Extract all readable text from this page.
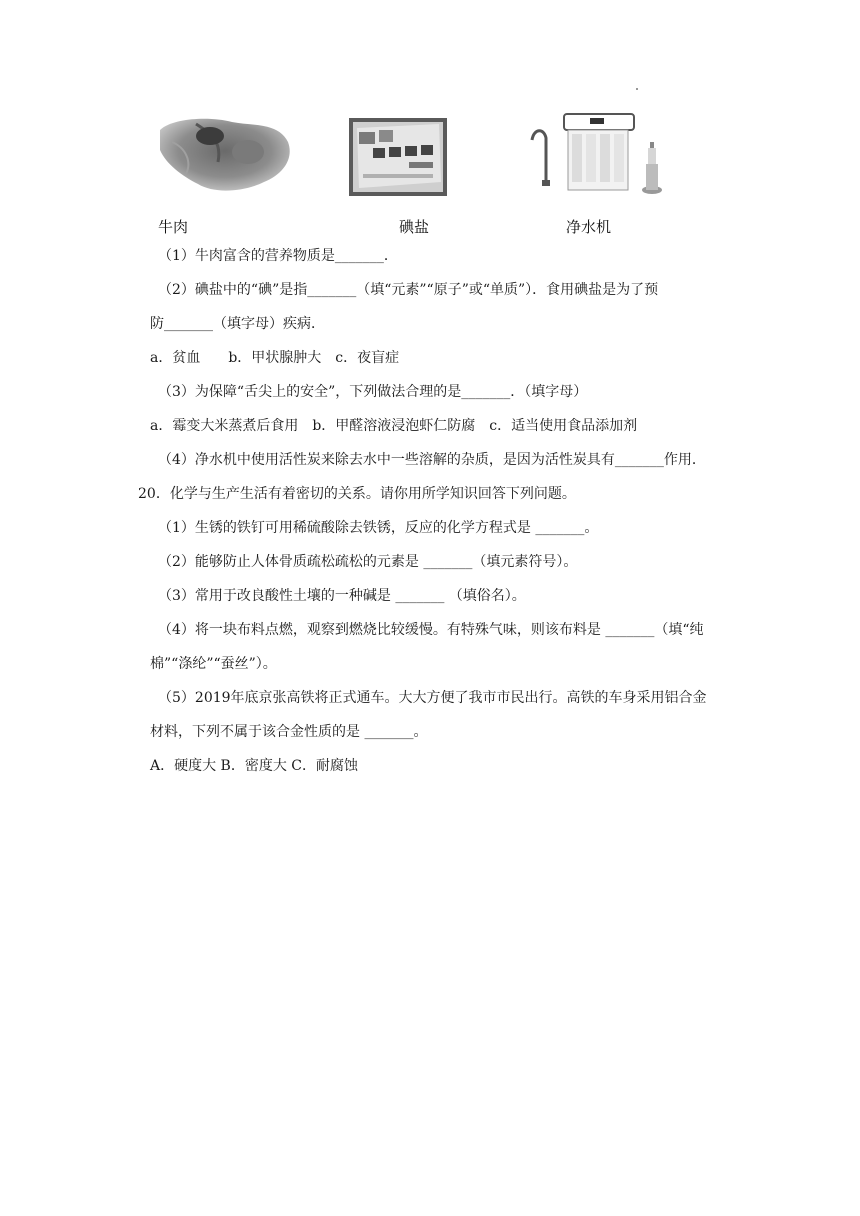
牛肉	碘盐	净水机
（1）牛肉富含的营养物质是_______．
（2）碘盐中的“碘”是指_______（填“元素”“原子”或“单质”）．食用碘盐是为了预
防_______（填字母）疾病．
a．贫血　　b．甲状腺肿大　c．夜盲症
（3）为保障“舌尖上的安全”，下列做法合理的是_______．（填字母）
a．霉变大米蒸煮后食用　b．甲醛溶液浸泡虾仁防腐　c．适当使用食品添加剂
（4）净水机中使用活性炭来除去水中一些溶解的杂质，是因为活性炭具有_______作用．
20．化学与生产生活有着密切的关系。请你用所学知识回答下列问题。
（1）生锈的铁钉可用稀硫酸除去铁锈，反应的化学方程式是 _______。
（2）能够防止人体骨质疏松疏松的元素是 _______（填元素符号）。
（3）常用于改良酸性土壤的一种碱是 _______ （填俗名）。
（4）将一块布料点燃，观察到燃烧比较缓慢。有特殊气味，则该布料是 _______（填“纯
棉”“涤纶”“蚕丝”）。
（5）2019年底京张高铁将正式通车。大大方便了我市市民出行。高铁的车身采用铝合金
材料，下列不属于该合金性质的是 _______。
A．硬度大 B．密度大 C．耐腐蚀
